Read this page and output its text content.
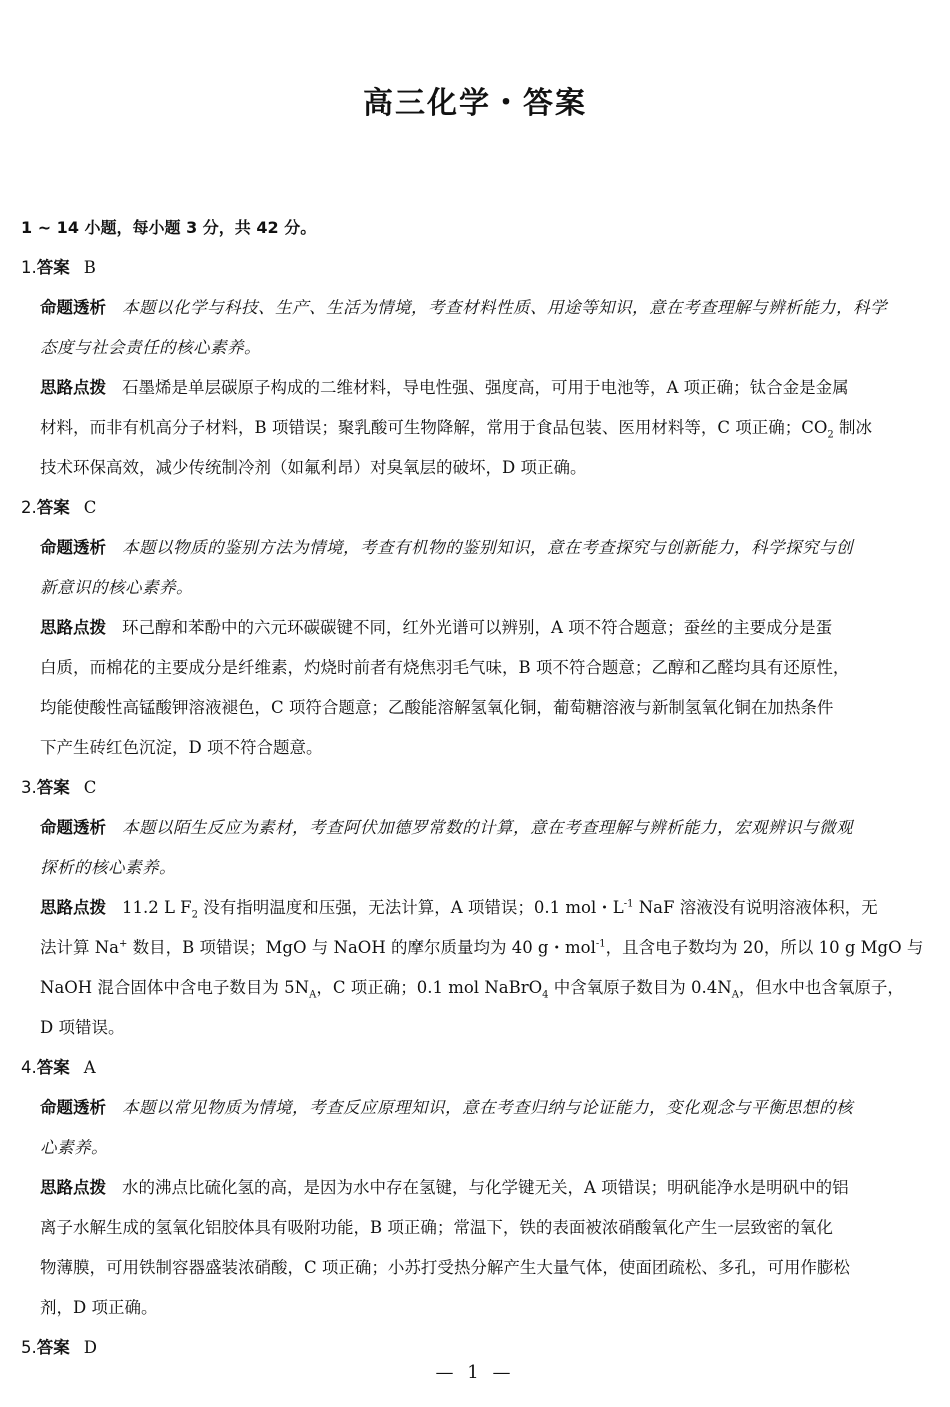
高三化学・答案
1 ~ 14 小题，每小题 3 分，共 42 分。
1.答案 B
命题透析 本题以化学与科技、生产、生活为情境，考查材料性质、用途等知识，意在考查理解与辨析能力，科学
态度与社会责任的核心素养。
思路点拨 石墨烯是单层碳原子构成的二维材料，导电性强、强度高，可用于电池等，A 项正确；钛合金是金属
材料，而非有机高分子材料，B 项错误；聚乳酸可生物降解，常用于食品包装、医用材料等，C 项正确；$CO_2$ 制冰
技术环保高效，减少传统制冷剂（如氟利昂）对臭氧层的破坏，D 项正确。
2.答案 C
命题透析 本题以物质的鉴别方法为情境，考查有机物的鉴别知识，意在考查探究与创新能力，科学探究与创
新意识的核心素养。
思路点拨 环己醇和苯酚中的六元环碳碳键不同，红外光谱可以辨别，A 项不符合题意；蚕丝的主要成分是蛋
白质，而棉花的主要成分是纤维素，灼烧时前者有烧焦羽毛气味，B 项不符合题意；乙醇和乙醛均具有还原性，
均能使酸性高锰酸钾溶液褪色，C 项符合题意；乙酸能溶解氢氧化铜，葡萄糖溶液与新制氢氧化铜在加热条件
下产生砖红色沉淀，D 项不符合题意。
3.答案 C
命题透析 本题以陌生反应为素材，考查阿伏加德罗常数的计算，意在考查理解与辨析能力，宏观辨识与微观
探析的核心素养。
思路点拨 11.2 L $F_2$ 没有指明温度和压强，无法计算，A 项错误；0.1 mol・$L^{-1}$ NaF 溶液没有说明溶液体积，无
法计算 Na+ 数目，B 项错误；MgO 与 NaOH 的摩尔质量均为 40 g・mol$^{-1}$，且含电子数均为 20，所以 10 g MgO 与
NaOH 混合固体中含电子数目为 $5N_A$，C 项正确；0.1 mol NaBrO$_4$ 中含氧原子数目为 $0.4N_A$，但水中也含氧原子，
D 项错误。
4.答案 A
命题透析 本题以常见物质为情境，考查反应原理知识，意在考查归纳与论证能力，变化观念与平衡思想的核
心素养。
思路点拨 水的沸点比硫化氢的高，是因为水中存在氢键，与化学键无关，A 项错误；明矾能净水是明矾中的铝
离子水解生成的氢氧化铝胶体具有吸附功能，B 项正确；常温下，铁的表面被浓硝酸氧化产生一层致密的氧化
物薄膜，可用铁制容器盛装浓硝酸，C 项正确；小苏打受热分解产生大量气体，使面团疏松、多孔，可用作膨松
剂，D 项正确。
5.答案 D
— 1 —
